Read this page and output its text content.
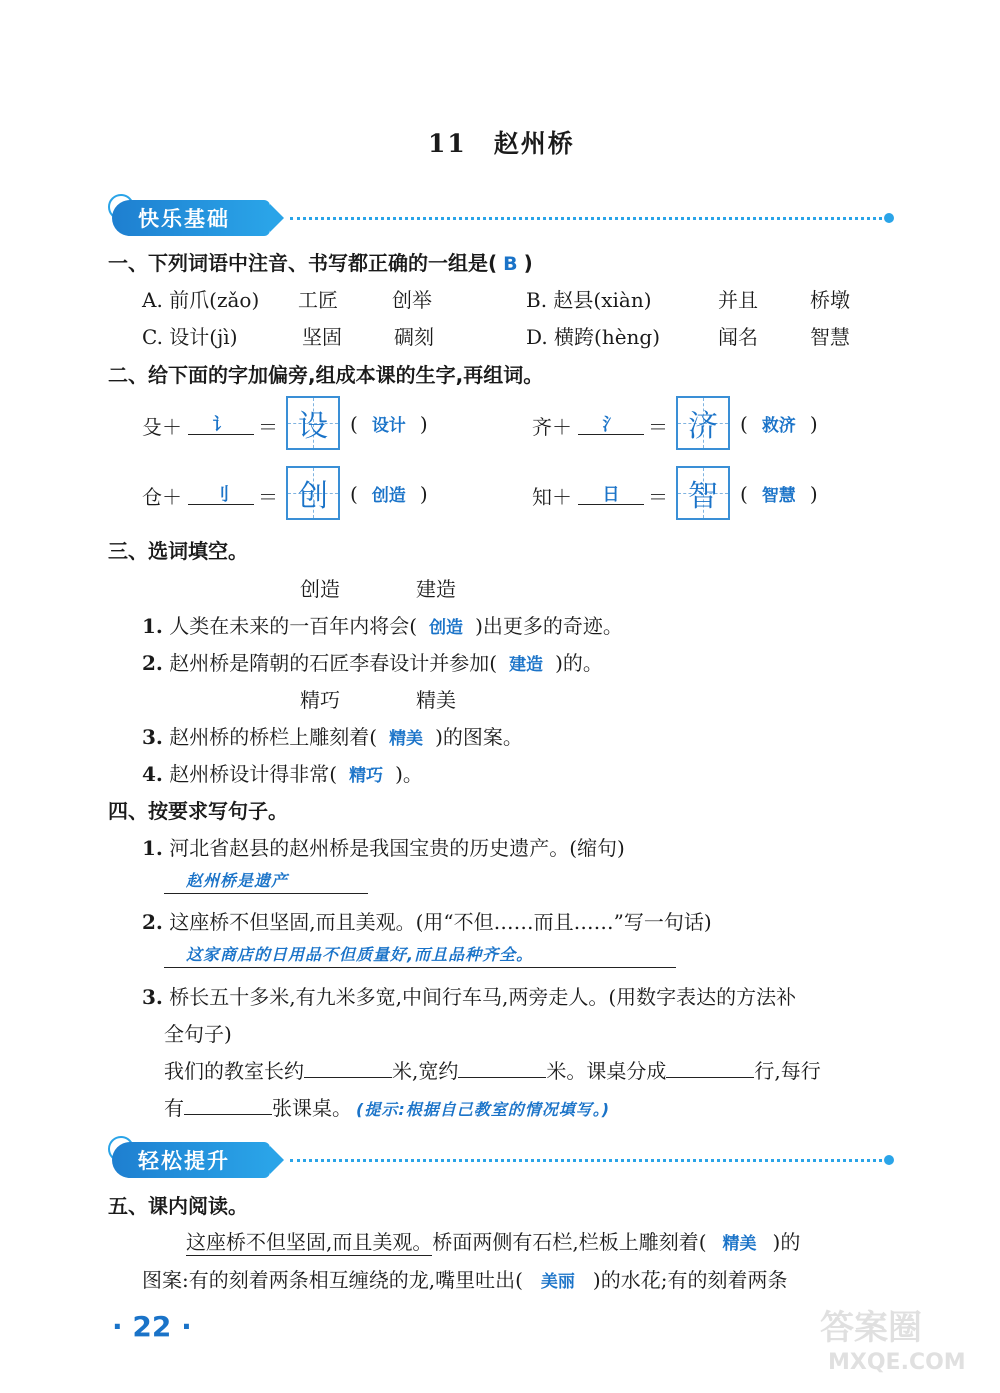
11　赵州桥
快乐基础
一、下列词语中注音、书写都正确的一组是( B )
A. 前爪(zǎo) 工匠	创举	B. 赵县(xiàn)	并且	桥墩
C. 设计(jì)	坚固	碉刻	D. 横跨(hèng)	闻名	智慧
二、给下面的字加偏旁,组成本课的生字,再组词。
殳＋	讠	＝ 设	( 设计 )	齐＋	氵	＝ 济	( 救济 )
仓＋	刂	＝ 创	( 创造 )	知＋	日	＝ 智	( 智慧 )
三、选词填空。
创造	建造
1. 人类在未来的一百年内将会( 创造 )出更多的奇迹。
2. 赵州桥是隋朝的石匠李春设计并参加( 建造 )的。
精巧	精美
3. 赵州桥的桥栏上雕刻着( 精美 )的图案。
4. 赵州桥设计得非常( 精巧 )。
四、按要求写句子。
1. 河北省赵县的赵州桥是我国宝贵的历史遗产。(缩句)
赵州桥是遗产
2. 这座桥不但坚固,而且美观。(用“不但……而且……”写一句话)
这家商店的日用品不但质量好,而且品种齐全。
3. 桥长五十多米,有九米多宽,中间行车马,两旁走人。(用数字表达的方法补
全句子)
我们的教室长约	米,宽约	米。课桌分成	行,每行
有	张课桌。 (提示:根据自己教室的情况填写。)
轻松提升
五、课内阅读。
这座桥不但坚固,而且美观。桥面两侧有石栏,栏板上雕刻着( 精美 )的
图案:有的刻着两条相互缠绕的龙,嘴里吐出( 美丽 )的水花;有的刻着两条
· 22 ·	答案圈
MXQE.COM
